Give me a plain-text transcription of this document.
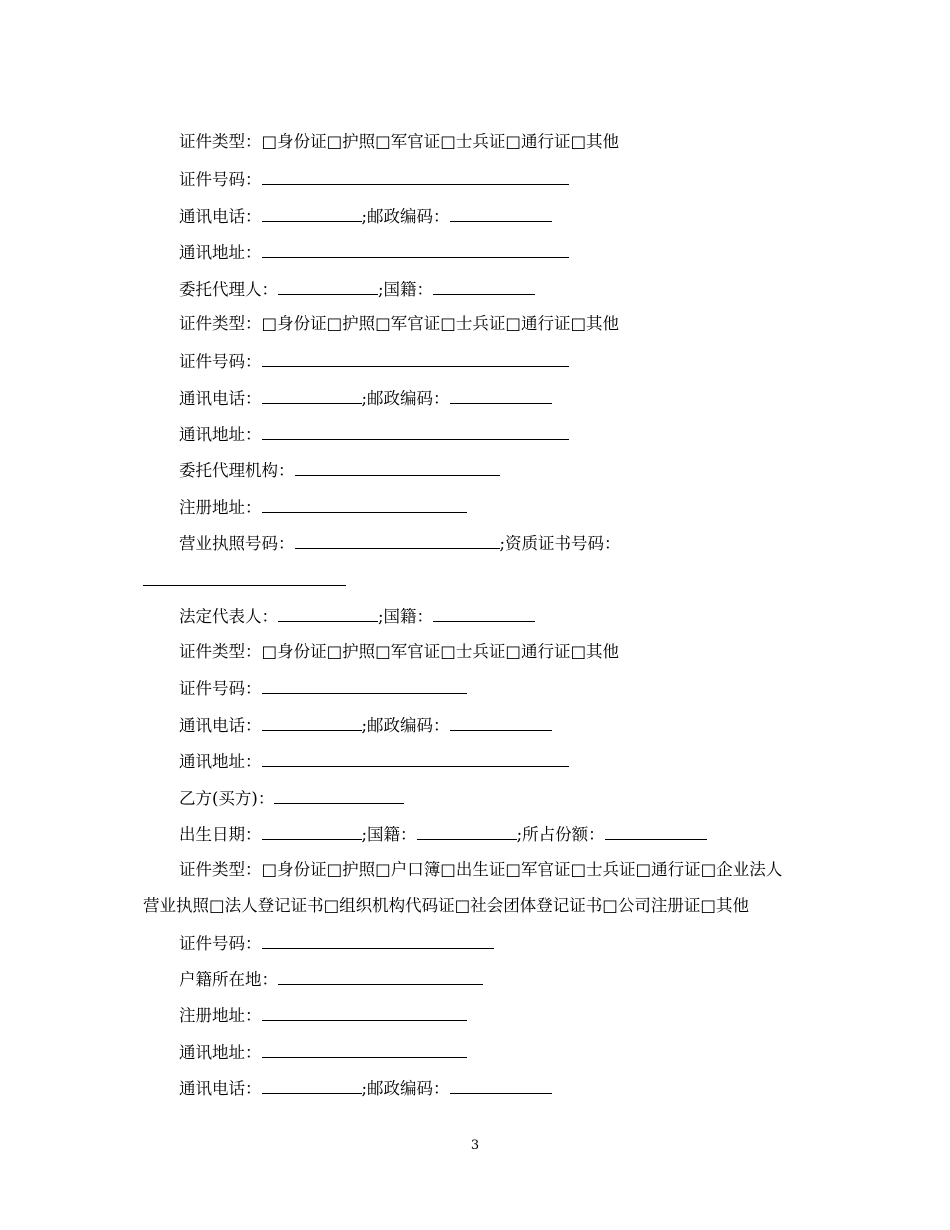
证件类型：□身份证□护照□军官证□士兵证□通行证□其他
证件号码：
通讯电话：	;邮政编码：
通讯地址：
委托代理人：	;国籍：
证件类型：□身份证□护照□军官证□士兵证□通行证□其他
证件号码：
通讯电话：	;邮政编码：
通讯地址：
委托代理机构：
注册地址：
营业执照号码：	;资质证书号码：
法定代表人：	;国籍：
证件类型：□身份证□护照□军官证□士兵证□通行证□其他
证件号码：
通讯电话：	;邮政编码：
通讯地址：
乙方(买方)：
出生日期：	;国籍：	;所占份额：
证件类型：□身份证□护照□户口簿□出生证□军官证□士兵证□通行证□企业法人
营业执照□法人登记证书□组织机构代码证□社会团体登记证书□公司注册证□其他
证件号码：
户籍所在地：
注册地址：
通讯地址：
通讯电话：	;邮政编码：
3
